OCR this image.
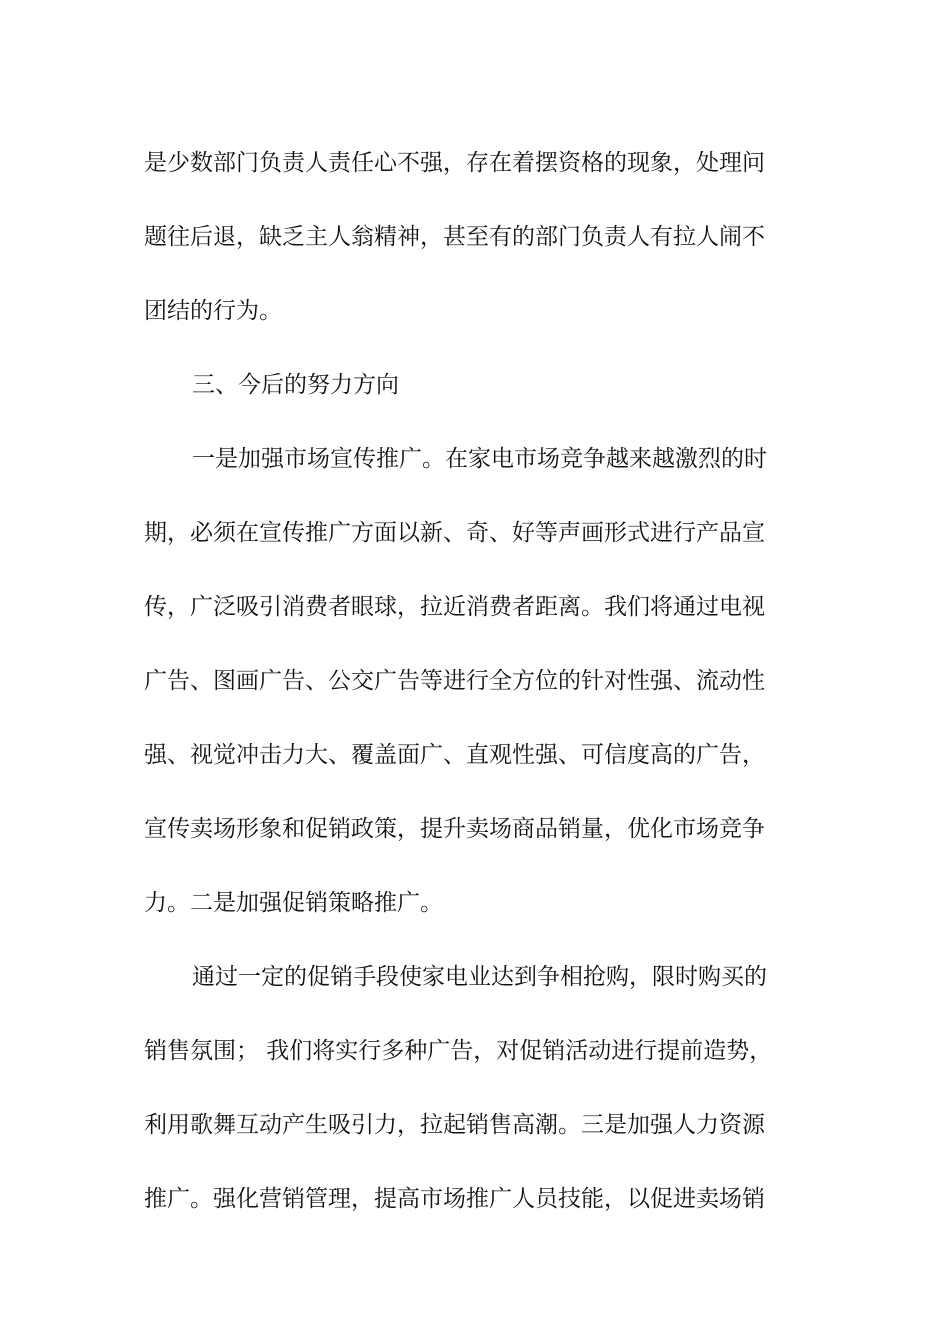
是少数部门负责人责任心不强，存在着摆资格的现象，处理问
题往后退，缺乏主人翁精神，甚至有的部门负责人有拉人闹不
团结的行为。
三、今后的努力方向
一是加强市场宣传推广。在家电市场竞争越来越激烈的时
期，必须在宣传推广方面以新、奇、好等声画形式进行产品宣
传，广泛吸引消费者眼球，拉近消费者距离。我们将通过电视
广告、图画广告、公交广告等进行全方位的针对性强、流动性
强、视觉冲击力大、覆盖面广、直观性强、可信度高的广告，
宣传卖场形象和促销政策，提升卖场商品销量，优化市场竞争
力。二是加强促销策略推广。
通过一定的促销手段使家电业达到争相抢购，限时购买的
销售氛围； 我们将实行多种广告，对促销活动进行提前造势，
利用歌舞互动产生吸引力，拉起销售高潮。三是加强人力资源
推广。强化营销管理，提高市场推广人员技能，以促进卖场销
